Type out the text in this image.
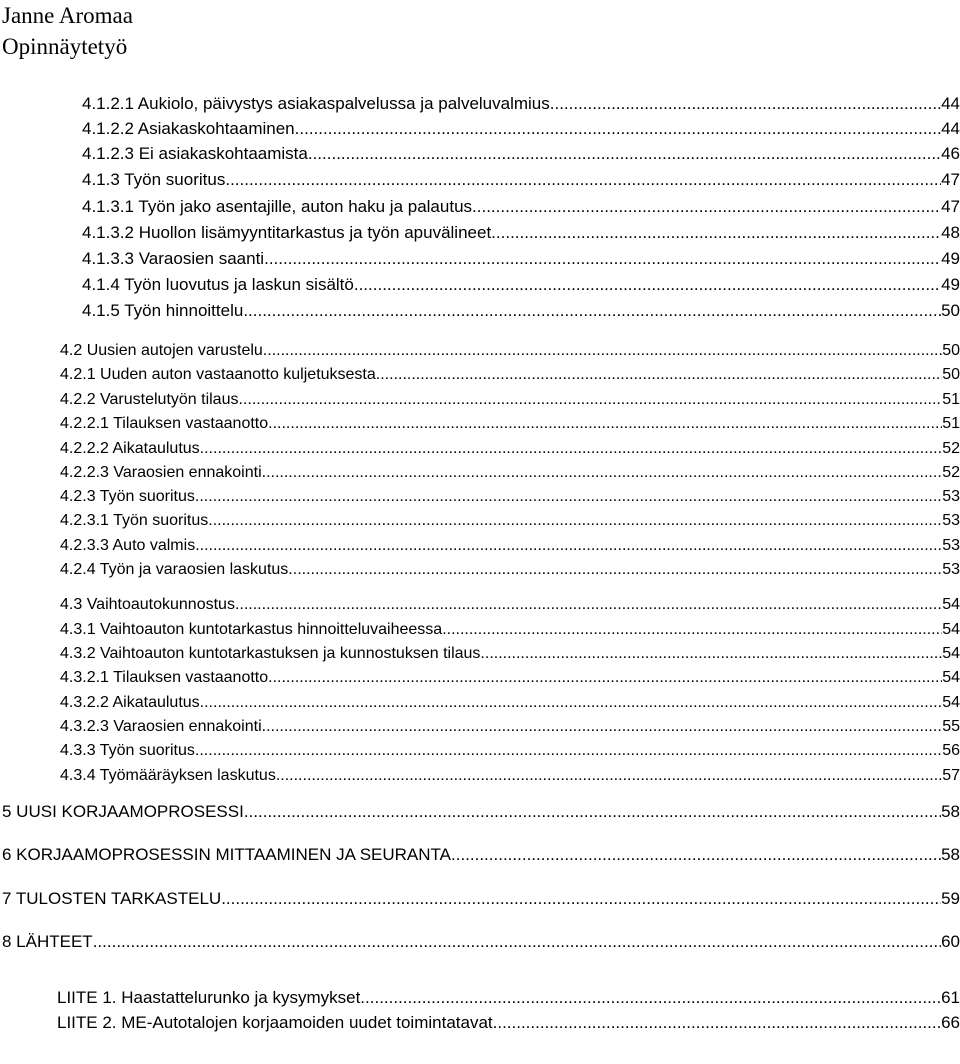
Janne Aromaa
Opinnäytetyö
4.1.2.1 Aukiolo, päivystys asiakaspalvelussa ja palveluvalmius .....	44
4.1.2.2 Asiakaskohtaaminen .....	44
4.1.2.3 Ei asiakaskohtaamista .....	46
4.1.3 Työn suoritus .....	47
4.1.3.1 Työn jako asentajille, auton haku ja palautus .....	47
4.1.3.2 Huollon lisämyyntitarkastus ja työn apuvälineet .....	48
4.1.3.3 Varaosien saanti .....	49
4.1.4 Työn luovutus ja laskun sisältö .....	49
4.1.5 Työn hinnoittelu .....	50
4.2 Uusien autojen varustelu .....	50
4.2.1 Uuden auton vastaanotto kuljetuksesta .....	50
4.2.2 Varustelutyön tilaus .....	51
4.2.2.1 Tilauksen vastaanotto .....	51
4.2.2.2 Aikataulutus .....	52
4.2.2.3 Varaosien ennakointi .....	52
4.2.3 Työn suoritus .....	53
4.2.3.1 Työn suoritus .....	53
4.2.3.3 Auto valmis .....	53
4.2.4 Työn ja varaosien laskutus .....	53
4.3 Vaihtoautokunnostus .....	54
4.3.1 Vaihtoauton kuntotarkastus hinnoitteluvaiheessa .....	54
4.3.2 Vaihtoauton kuntotarkastuksen ja kunnostuksen tilaus .....	54
4.3.2.1 Tilauksen vastaanotto .....	54
4.3.2.2 Aikataulutus .....	54
4.3.2.3 Varaosien ennakointi .....	55
4.3.3 Työn suoritus .....	56
4.3.4 Työmääräyksen laskutus .....	57
5 UUSI KORJAAMOPROSESSI .....	58
6 KORJAAMOPROSESSIN MITTAAMINEN JA SEURANTA .....	58
7 TULOSTEN TARKASTELU .....	59
8 LÄHTEET .....	60
LIITE 1. Haastattelurunko ja kysymykset .....	61
LIITE 2. ME-Autotalojen korjaamoiden uudet toimintatavat .....	66
